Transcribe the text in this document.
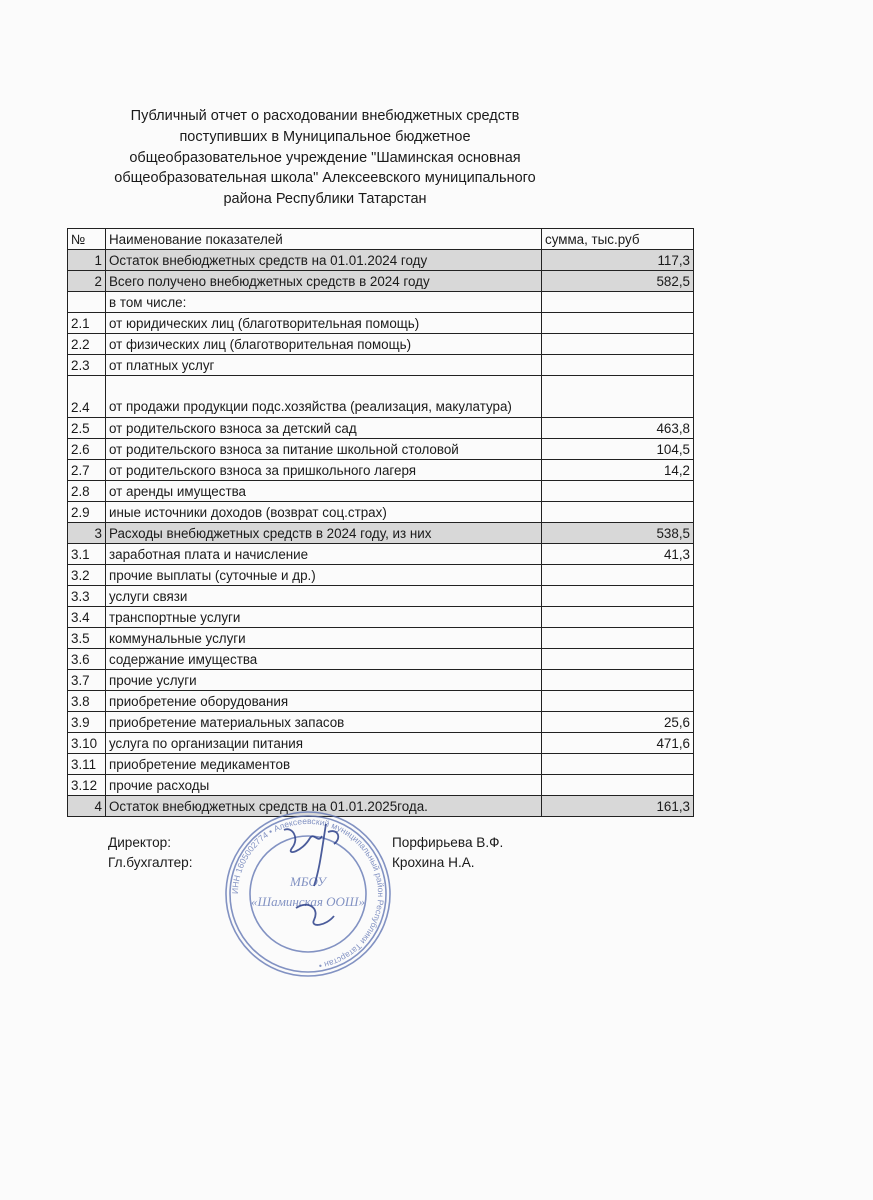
Публичный отчет о расходовании внебюджетных средств
поступивших в Муниципальное бюджетное
общеобразовательное учреждение "Шаминская основная
общеобразовательная школа" Алексеевского муниципального
района Республики Татарстан
№	Наименование показателей	сумма, тыс.руб
1	Остаток внебюджетных средств на 01.01.2024 году	117,3
2	Всего получено внебюджетных средств в 2024 году	582,5
	в том числе:	
2.1	от юридических лиц (благотворительная помощь)	
2.2	от физических лиц (благотворительная помощь)	
2.3	от платных услуг	
2.4	от продажи продукции подс.хозяйства (реализация, макулатура)	
2.5	от родительского взноса за детский сад	463,8
2.6	от родительского взноса за питание школьной столовой	104,5
2.7	от родительского взноса за пришкольного лагеря	14,2
2.8	от аренды имущества	
2.9	иные источники доходов (возврат соц.страх)	
3	Расходы внебюджетных средств в 2024 году, из них	538,5
3.1	заработная плата и начисление	41,3
3.2	прочие выплаты (суточные и др.)	
3.3	услуги связи	
3.4	транспортные услуги	
3.5	коммунальные услуги	
3.6	содержание имущества	
3.7	прочие услуги	
3.8	приобретение оборудования	
3.9	приобретение материальных запасов	25,6
3.10	услуга по организации питания	471,6
3.11	приобретение медикаментов	
3.12	прочие расходы	
4	Остаток внебюджетных средств на 01.01.2025года.	161,3
Директор:	Порфирьева В.Ф.
Гл.бухгалтер:	Крохина Н.А.
ИНН 1605002774 • Алексеевский муниципальный район Республики Татарстан •
МБОУ
«Шаминская ООШ»
